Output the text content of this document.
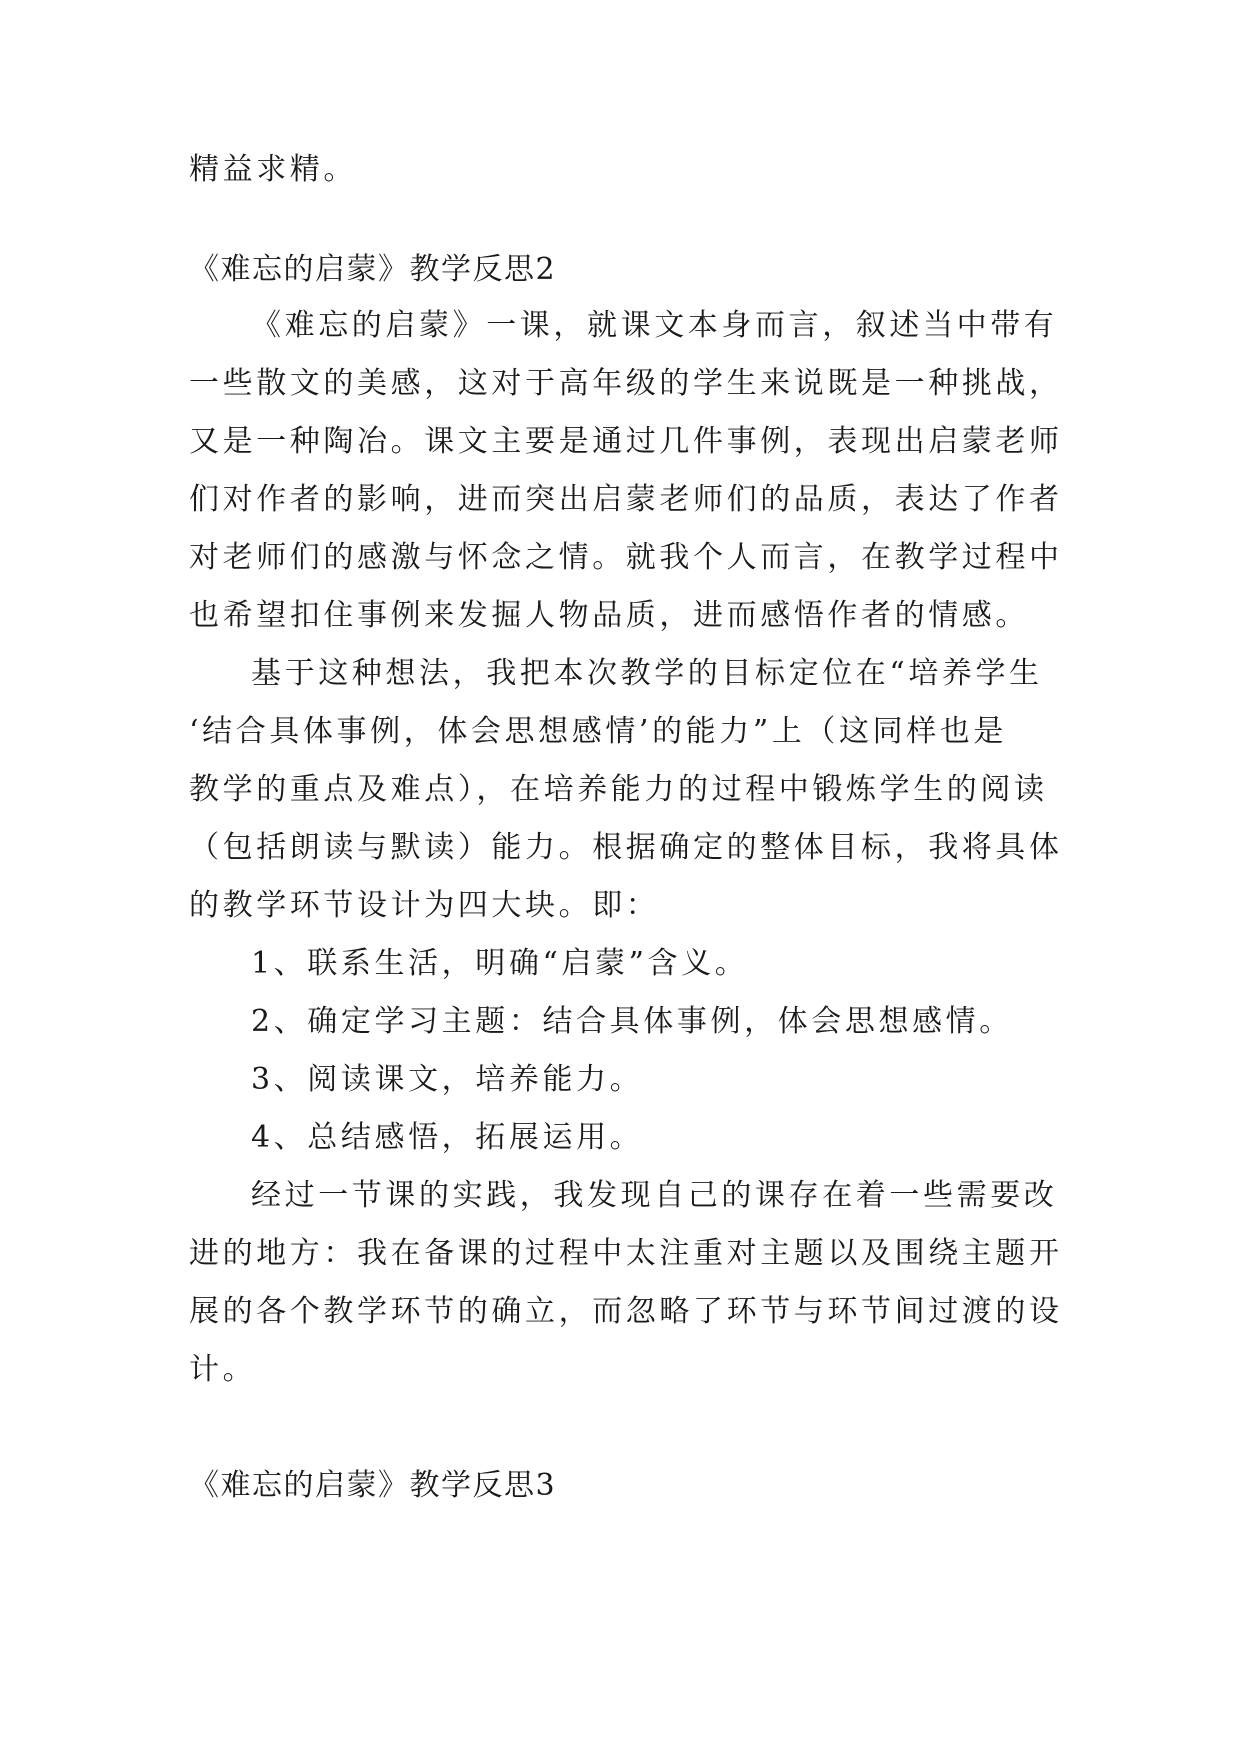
精益求精。
《难忘的启蒙》教学反思2
《难忘的启蒙》一课，就课文本身而言，叙述当中带有
一些散文的美感，这对于高年级的学生来说既是一种挑战，
又是一种陶冶。课文主要是通过几件事例，表现出启蒙老师
们对作者的影响，进而突出启蒙老师们的品质，表达了作者
对老师们的感激与怀念之情。就我个人而言，在教学过程中
也希望扣住事例来发掘人物品质，进而感悟作者的情感。
基于这种想法，我把本次教学的目标定位在“培养学生
‘结合具体事例，体会思想感情’的能力”上（这同样也是
教学的重点及难点），在培养能力的过程中锻炼学生的阅读
（包括朗读与默读）能力。根据确定的整体目标，我将具体
的教学环节设计为四大块。即：
1、联系生活，明确“启蒙”含义。
2、确定学习主题：结合具体事例，体会思想感情。
3、阅读课文，培养能力。
4、总结感悟，拓展运用。
经过一节课的实践，我发现自己的课存在着一些需要改
进的地方：我在备课的过程中太注重对主题以及围绕主题开
展的各个教学环节的确立，而忽略了环节与环节间过渡的设
计。
《难忘的启蒙》教学反思3
